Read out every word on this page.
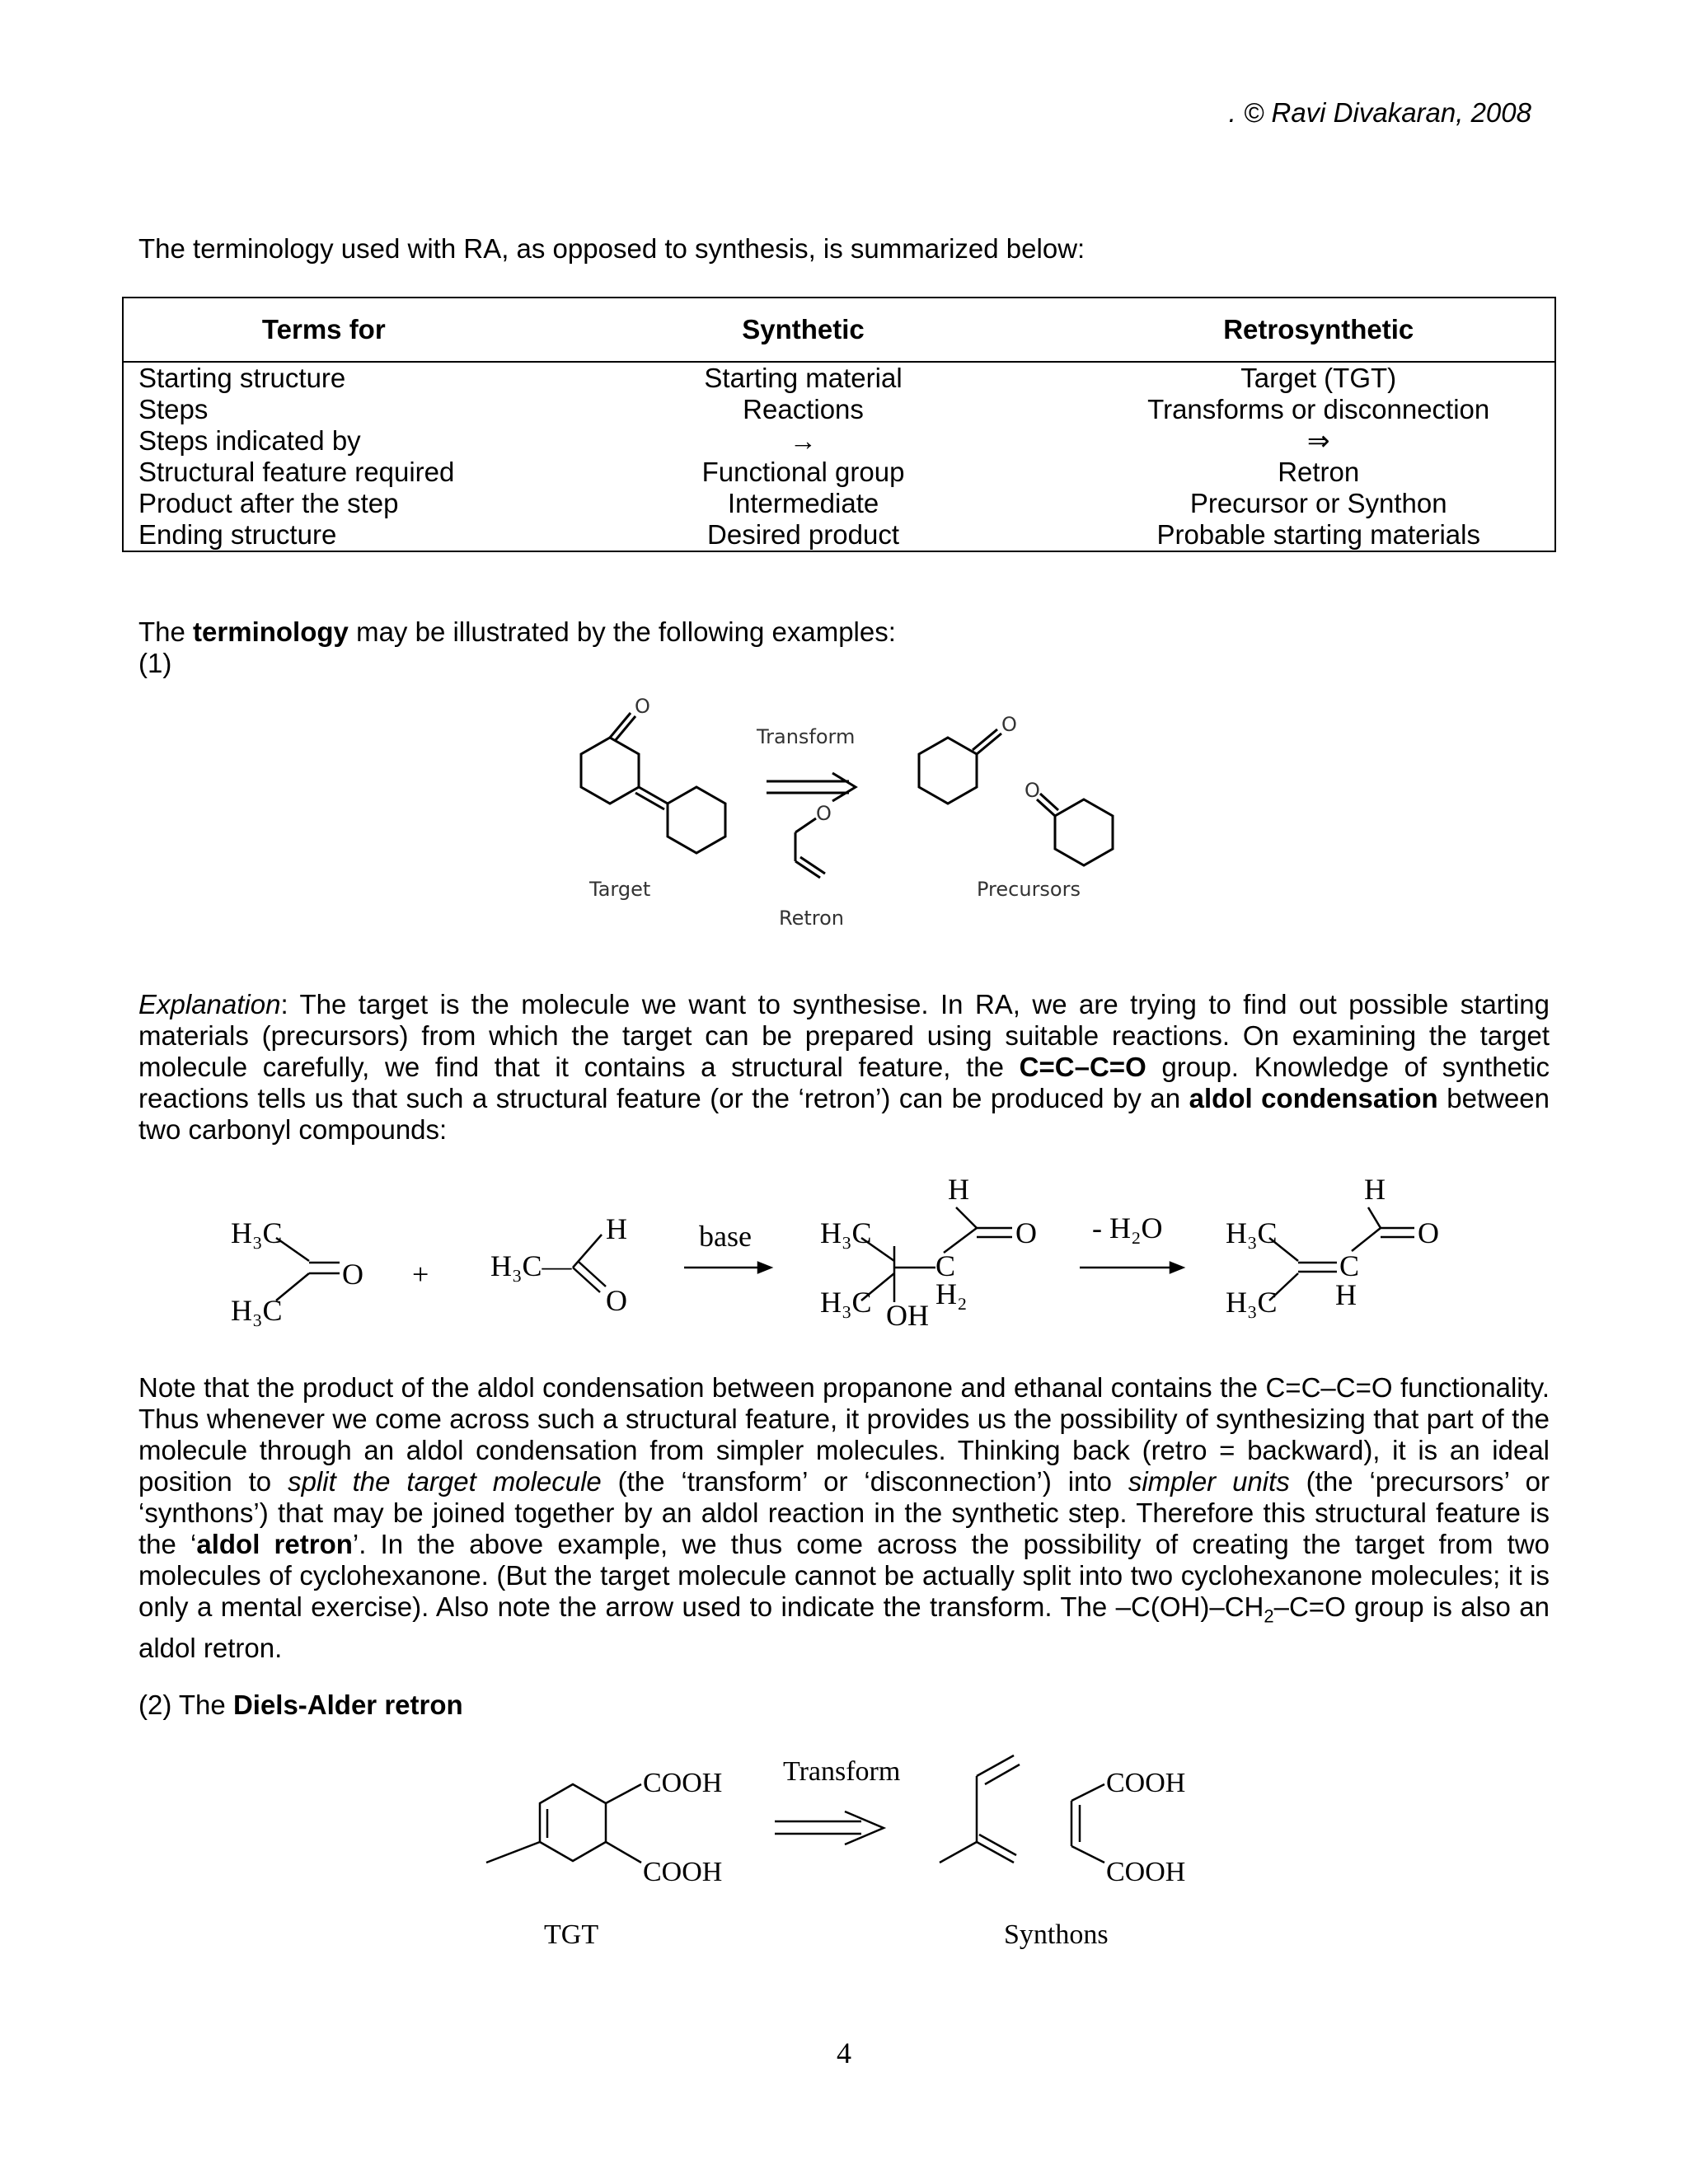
. © Ravi Divakaran, 2008
The terminology used with RA, as opposed to synthesis, is summarized below:
Terms for	Synthetic	Retrosynthetic
Starting structure	Starting material	Target (TGT)
Steps	Reactions	Transforms or disconnection
Steps indicated by	→	⇒
Structural feature required	Functional group	Retron
Product after the step	Intermediate	Precursor or Synthon
Ending structure	Desired product	Probable starting materials
The terminology may be illustrated by the following examples:
(1)
O
Transform
O
O
O
Target
Retron
Precursors
Explanation: The target is the molecule we want to synthesise. In RA, we are trying to find out possible starting materials (precursors) from which the target can be prepared using suitable reactions. On examining the target molecule carefully, we find that it contains a structural feature, the C=C–C=O group. Knowledge of synthetic reactions tells us that such a structural feature (or the ‘retron’) can be produced by an aldol condensation between two carbonyl compounds:
H₃C
H₃C
O + H₃C—
H
O
base
H
H₃C	O
C
H₃C OH
H₂
- H₂O
H
H₃C	O
C
H
H₃C
Note that the product of the aldol condensation between propanone and ethanal contains the C=C–C=O functionality. Thus whenever we come across such a structural feature, it provides us the possibility of synthesizing that part of the molecule through an aldol condensation from simpler molecules. Thinking back (retro = backward), it is an ideal position to split the target molecule (the ‘transform’ or ‘disconnection’) into simpler units (the ‘precursors’ or ‘synthons’) that may be joined together by an aldol reaction in the synthetic step. Therefore this structural feature is the ‘aldol retron’. In the above example, we thus come across the possibility of creating the target from two molecules of cyclohexanone. (But the target molecule cannot be actually split into two cyclohexanone molecules; it is only a mental exercise). Also note the arrow used to indicate the transform. The $-C(OH)-CH_2-C=O$ group is also an aldol retron.
(2) The Diels-Alder retron
COOH
COOH
Transform	COOH
COOH
TGT	Synthons
4
